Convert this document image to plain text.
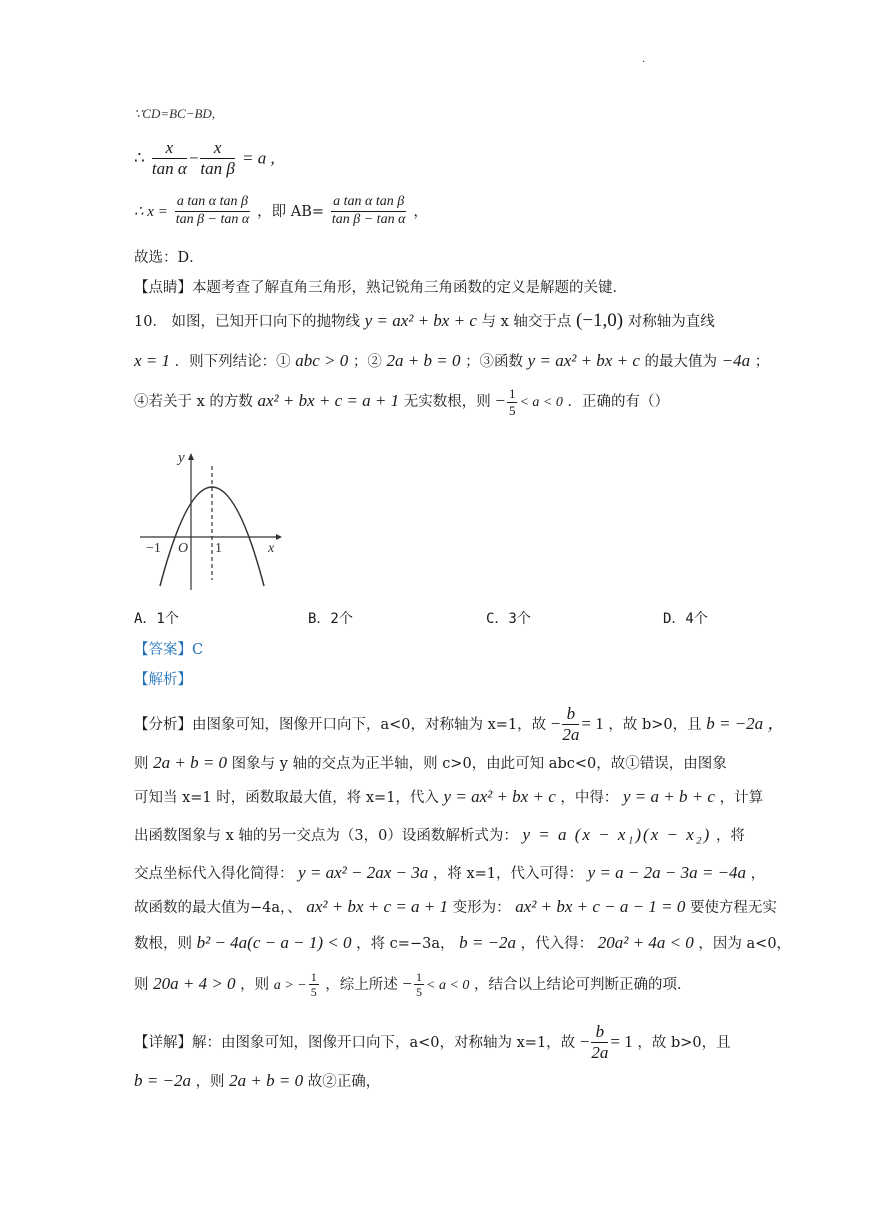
.
∵CD=BC−BD,
∴ $\frac{x}{\text{tan α}} - \frac{x}{\text{tan β}} = a$ ,
∴ $x = \frac{\text{a tan α tan β}}{\text{tan β − tan α}}$ ，即 $AB= \frac{\text{a tan α tan β}}{\text{tan β − tan α}}$ ，
故选：D．
【点睛】本题考查了解直角三角形，熟记锐角三角函数的定义是解题的关键．
10． 如图，已知开口向下的抛物线 y = ax² + bx + c 与 x 轴交于点 (−1,0) 对称轴为直线
x = 1 ．则下列结论：① abc > 0 ；② 2a + b = 0 ；③函数 y = ax² + bx + c 的最大值为 −4a ；
④若关于 x 的方数 ax² + bx + c = a + 1 无实数根，则 − $\frac{1}{5} < a < 0$ ．正确的有（）
y
x
O
−1	1
A．1个	B．2个	C．3个	D．4个
【答案】C
【解析】
【分析】由图象可知，图像开口向下，a<0，对称轴为 x=1，故 − $\frac{b}{2a} = 1$ ，故 b>0，且 b = −2a ，
则 2a + b = 0 图象与 y 轴的交点为正半轴，则 c>0，由此可知 abc<0，故①错误，由图象
可知当 x=1 时，函数取最大值，将 x=1，代入 y = ax² + bx + c ，中得： y = a + b + c ，计算
出函数图象与 x 轴的另一交点为（3，0）设函数解析式为： y = a (x − x₁)(x − x₂) ，将
交点坐标代入得化简得： y = ax² − 2ax − 3a ，将 x=1，代入可得： y = a − 2a − 3a = −4a ，
故函数的最大值为−4a，、 ax² + bx + c = a + 1 变形为： ax² + bx + c − a − 1 = 0 要使方程无实
数根，则 b² − 4a(c − a − 1) < 0 ，将 c=−3a， b = −2a ，代入得： 20a² + 4a < 0 ，因为 a<0，
则 20a + 4 > 0 ，则 a > − $\frac{1}{5}$ ，综上所述 − $\frac{1}{5} < a < 0$ ，结合以上结论可判断正确的项．
【详解】解：由图象可知，图像开口向下，a<0，对称轴为 x=1，故 − $\frac{b}{2a} = 1$ ，故 b>0，且
b = −2a ，则 2a + b = 0 故②正确，
